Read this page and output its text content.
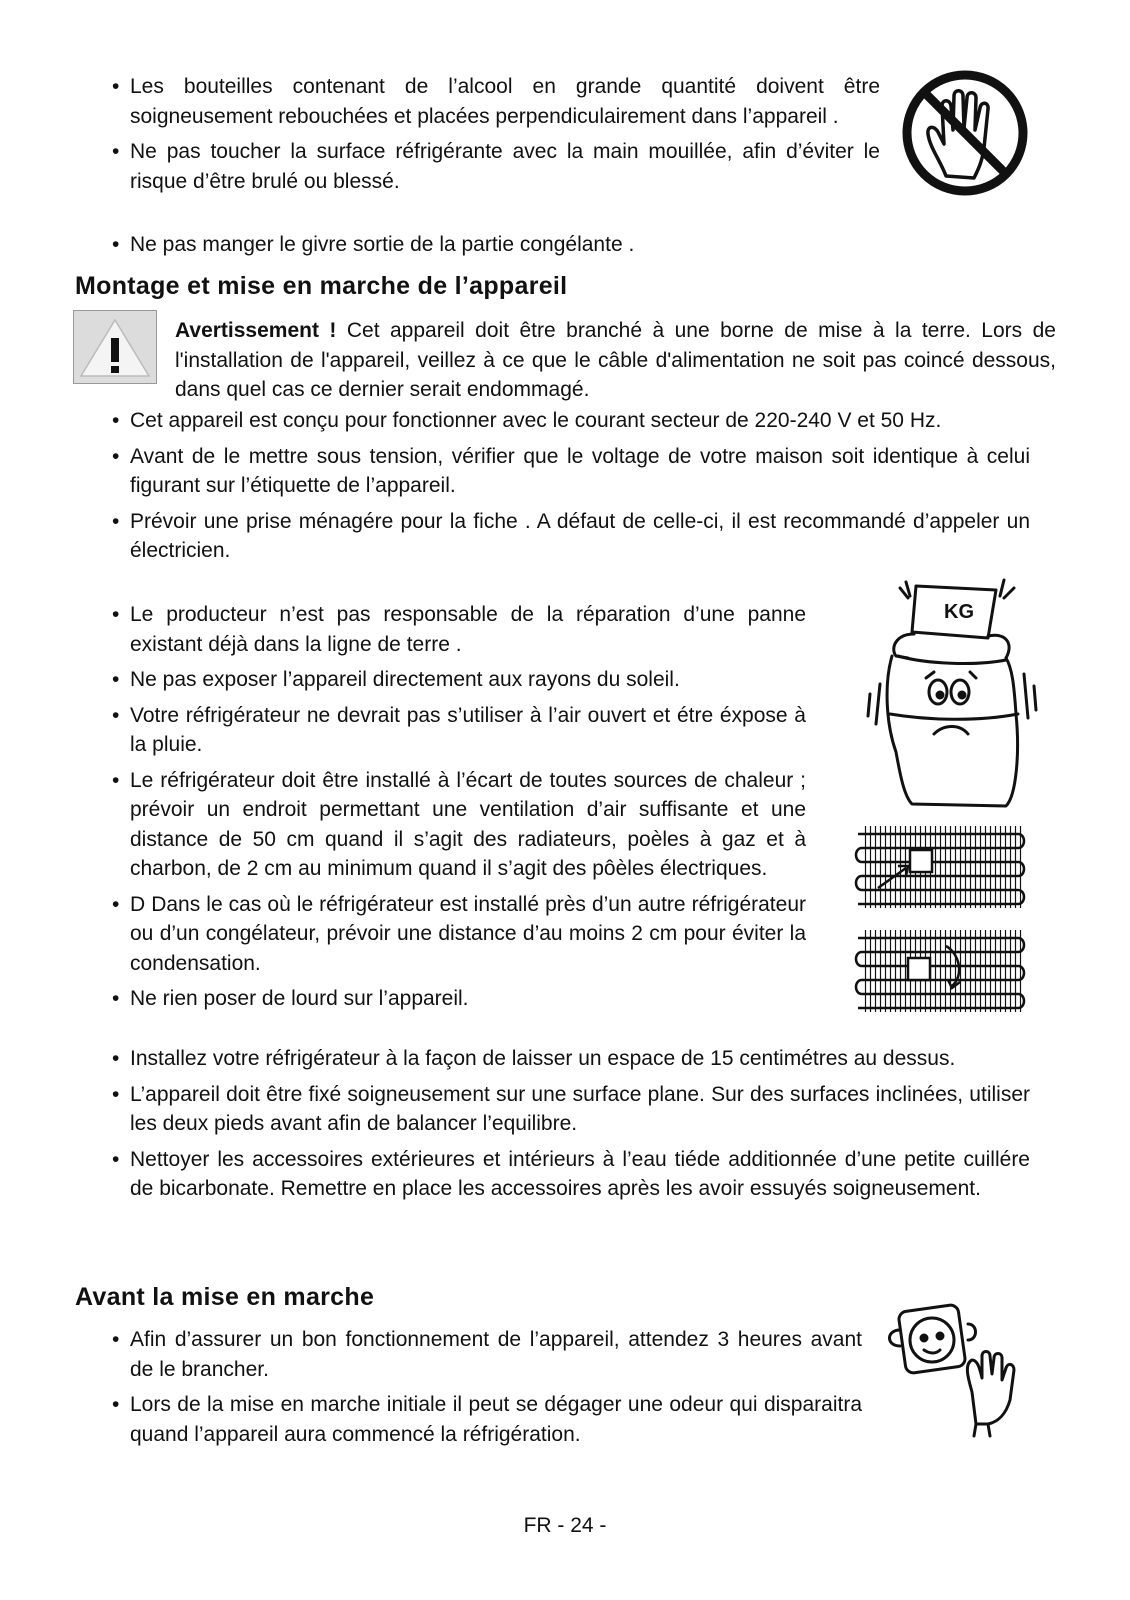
• Les bouteilles contenant de l’alcool en grande quantité doivent être soigneusement rebouchées et placées perpendiculairement dans l’appareil .
• Ne pas toucher la surface réfrigérante avec la main mouillée, afin d’éviter le risque d’être brulé ou blessé.
• Ne pas manger le givre sortie de la partie congélante .
Montage et mise en marche de l’appareil
Avertissement ! Cet appareil doit être branché à une borne de mise à la terre. Lors de l'installation de l'appareil, veillez à ce que le câble d'alimentation ne soit pas coincé dessous, dans quel cas ce dernier serait endommagé.
• Cet appareil est conçu pour fonctionner avec le courant secteur de 220-240 V et 50 Hz.
• Avant de le mettre sous tension, vérifier que le voltage de votre maison soit identique à celui figurant sur l’étiquette de l’appareil.
• Prévoir une prise ménagére pour la fiche . A défaut de celle-ci, il est recommandé d’appeler un électricien.
• Le producteur n’est pas responsable de la réparation d’une panne existant déjà dans la ligne de terre .
• Ne pas exposer l’appareil directement aux rayons du soleil.
• Votre réfrigérateur ne devrait pas s’utiliser à l’air ouvert et étre éxpose à la pluie.
• Le réfrigérateur doit être installé à l’écart de toutes sources de chaleur ; prévoir un endroit permettant une ventilation d’air suffisante et une distance de 50 cm quand il s’agit des radiateurs, poèles à gaz et à charbon, de 2 cm au minimum quand il s’agit des pôèles électriques.
• D Dans le cas où le réfrigérateur est installé près d’un autre réfrigérateur ou d’un congélateur, prévoir une distance d’au moins 2 cm pour éviter la condensation.
• Ne rien poser de lourd sur l’appareil.
KG
• Installez votre réfrigérateur à la façon de laisser un espace de 15 centimétres au dessus.
• L’appareil doit être fixé soigneusement sur une surface plane. Sur des surfaces inclinées, utiliser les deux pieds avant afin de balancer l’equilibre.
• Nettoyer les accessoires extérieures et intérieurs à l’eau tiéde additionnée d’une petite cuillére de bicarbonate. Remettre en place les accessoires après les avoir essuyés soigneusement.
Avant la mise en marche
• Afin d’assurer un bon fonctionnement de l’appareil, attendez 3 heures avant de le brancher.
• Lors de la mise en marche initiale il peut se dégager une odeur qui disparaitra quand l’appareil aura commencé la réfrigération.
FR - 24 -
